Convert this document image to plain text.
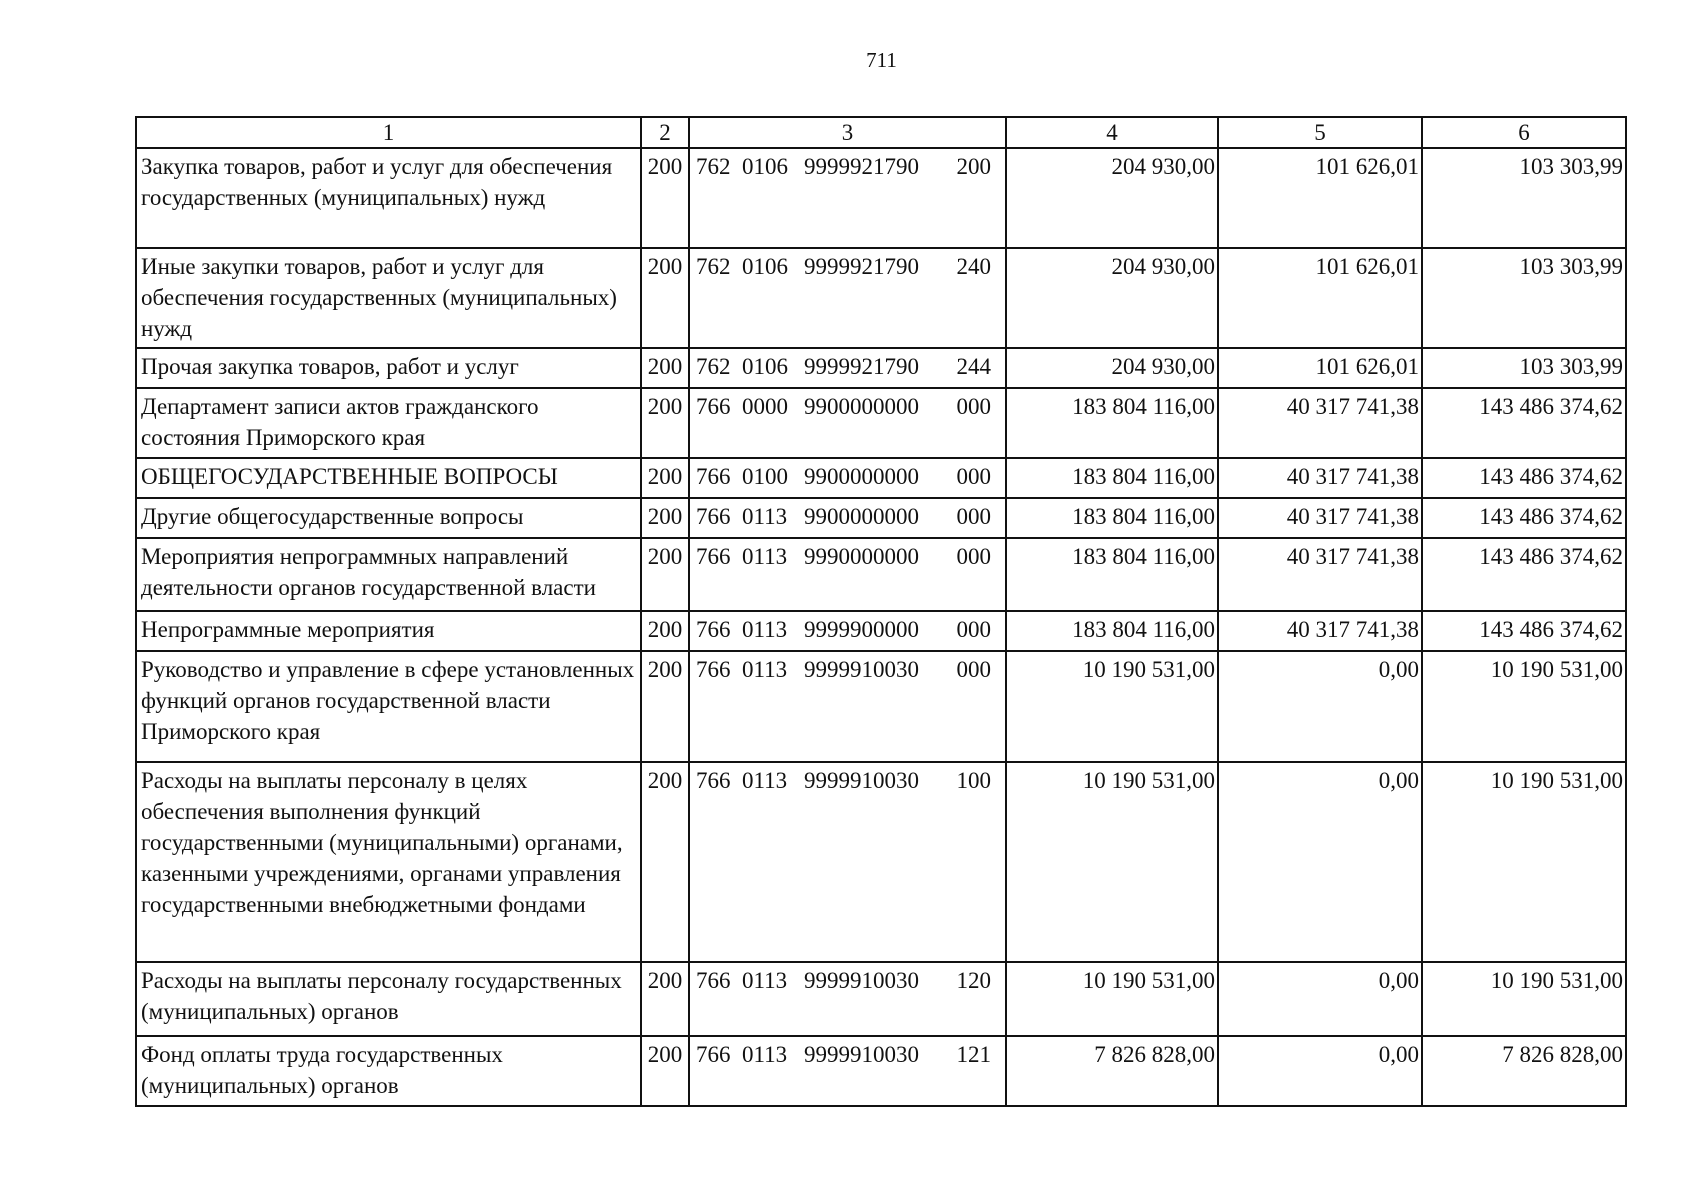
711
1	2	3	4	5	6
Закупка товаров, работ и услуг для обеспечения государственных (муниципальных) нужд	200	762 0106 9999921790 200	204 930,00	101 626,01	103 303,99
Иные закупки товаров, работ и услуг для обеспечения государственных (муниципальных) нужд	200	762 0106 9999921790 240	204 930,00	101 626,01	103 303,99
Прочая закупка товаров, работ и услуг	200	762 0106 9999921790 244	204 930,00	101 626,01	103 303,99
Департамент записи актов гражданского состояния Приморского края	200	766 0000 9900000000 000	183 804 116,00	40 317 741,38	143 486 374,62
ОБЩЕГОСУДАРСТВЕННЫЕ ВОПРОСЫ	200	766 0100 9900000000 000	183 804 116,00	40 317 741,38	143 486 374,62
Другие общегосударственные вопросы	200	766 0113 9900000000 000	183 804 116,00	40 317 741,38	143 486 374,62
Мероприятия непрограммных направлений деятельности органов государственной власти	200	766 0113 9990000000 000	183 804 116,00	40 317 741,38	143 486 374,62
Непрограммные мероприятия	200	766 0113 9999900000 000	183 804 116,00	40 317 741,38	143 486 374,62
Руководство и управление в сфере установленных функций органов государственной власти Приморского края	200	766 0113 9999910030 000	10 190 531,00	0,00	10 190 531,00
Расходы на выплаты персоналу в целях обеспечения выполнения функций государственными (муниципальными) органами, казенными учреждениями, органами управления государственными внебюджетными фондами	200	766 0113 9999910030 100	10 190 531,00	0,00	10 190 531,00
Расходы на выплаты персоналу государственных (муниципальных) органов	200	766 0113 9999910030 120	10 190 531,00	0,00	10 190 531,00
Фонд оплаты труда государственных (муниципальных) органов	200	766 0113 9999910030 121	7 826 828,00	0,00	7 826 828,00
